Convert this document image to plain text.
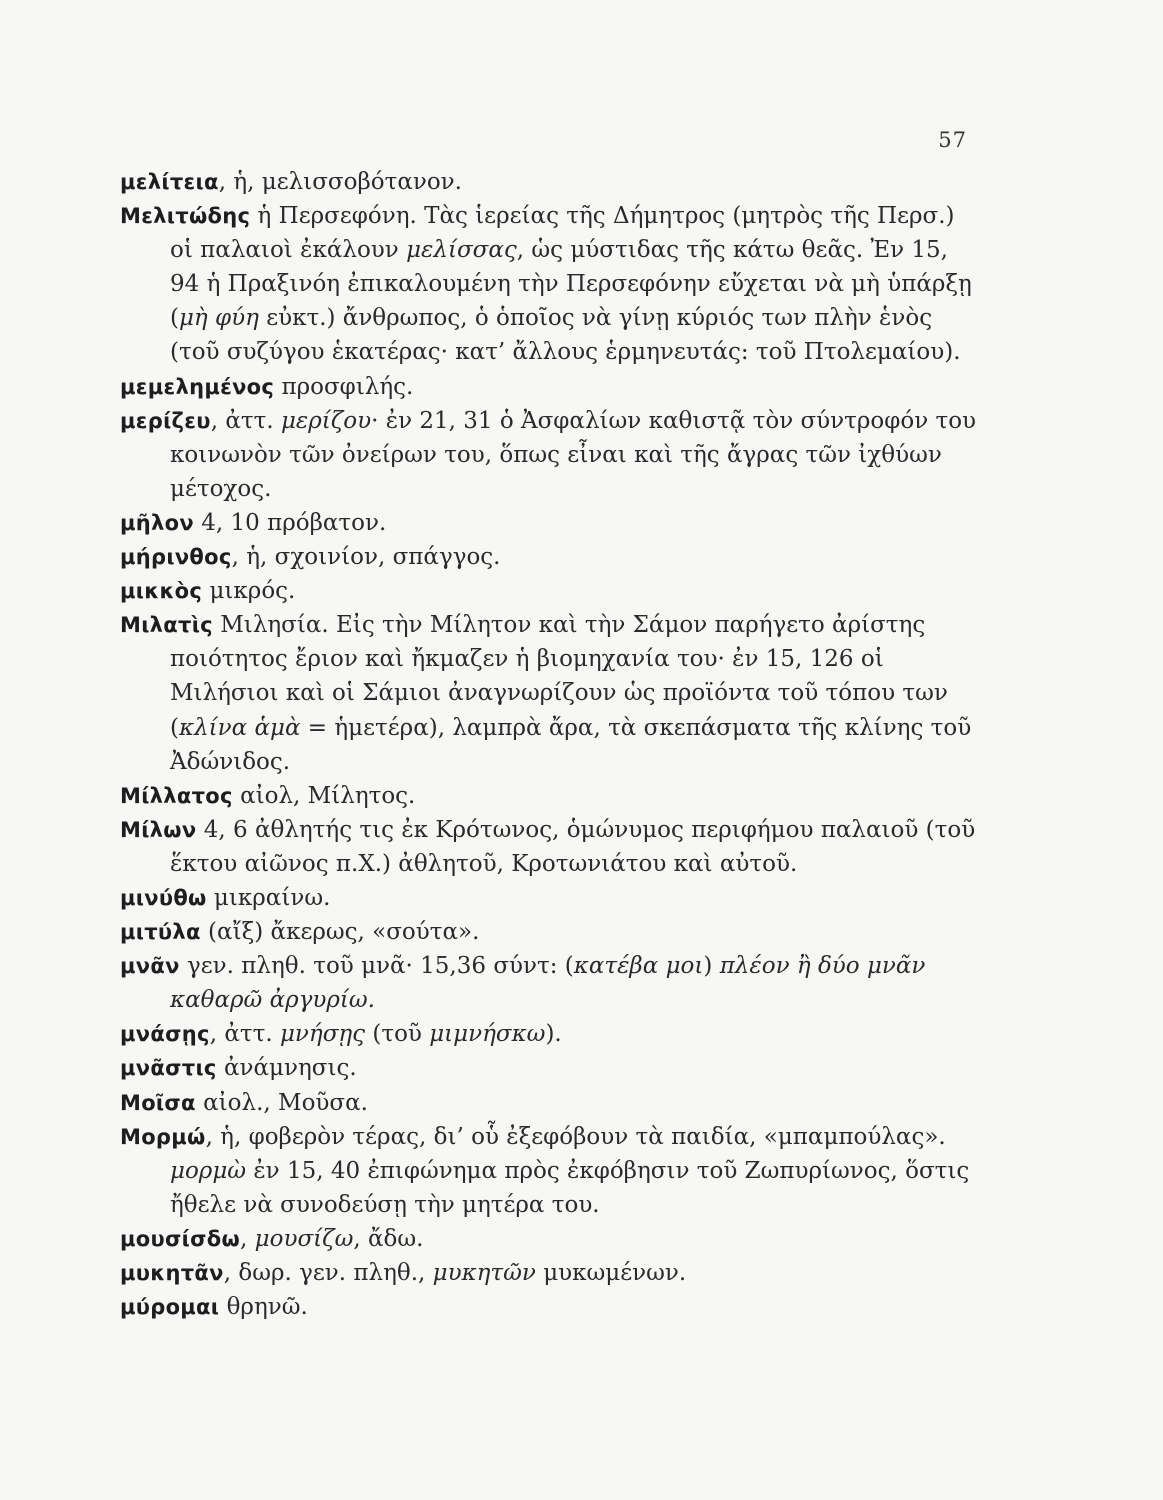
57
μελίτεια, ἡ, μελισσοβότανον.
Μελιτώδης ἡ Περσεφόνη. Τὰς ἱερείας τῆς Δήμητρος (μητρὸς τῆς Περσ.) οἱ παλαιοὶ ἐκάλουν μελίσσας, ὡς μύστιδας τῆς κάτω θεᾶς. Ἐν 15, 94 ἡ Πραξινόη ἐπικαλουμένη τὴν Περσεφόνην εὔχεται νὰ μὴ ὑπάρξῃ (μὴ φύη εὐκτ.) ἄνθρωπος, ὁ ὁποῖος νὰ γίνῃ κύριός των πλὴν ἑνὸς (τοῦ συζύγου ἑκατέρας· κατ’ ἄλλους ἑρμηνευτάς: τοῦ Πτολεμαίου).
μεμελημένος προσφιλής.
μερίζευ, ἀττ. μερίζου· ἐν 21, 31 ὁ Ἀσφαλίων καθιστᾷ τὸν σύντροφόν του κοινωνὸν τῶν ὀνείρων του, ὅπως εἶναι καὶ τῆς ἄγρας τῶν ἰχθύων μέτοχος.
μῆλον 4, 10 πρόβατον.
μήρινθος, ἡ, σχοινίον, σπάγγος.
μικκὸς μικρός.
Μιλατὶς Μιλησία. Εἰς τὴν Μίλητον καὶ τὴν Σάμον παρήγετο ἀρίστης ποιότητος ἔριον καὶ ἤκμαζεν ἡ βιομηχανία του· ἐν 15, 126 οἱ Μιλήσιοι καὶ οἱ Σάμιοι ἀναγνωρίζουν ὡς προϊόντα τοῦ τόπου των (κλίνα ἁμὰ = ἡμετέρα), λαμπρὰ ἄρα, τὰ σκεπάσματα τῆς κλίνης τοῦ Ἀδώνιδος.
Μίλλατος αἰολ, Μίλητος.
Μίλων 4, 6 ἀθλητής τις ἐκ Κρότωνος, ὁμώνυμος περιφήμου παλαιοῦ (τοῦ ἕκτου αἰῶνος π.Χ.) ἀθλητοῦ, Κροτωνιάτου καὶ αὐτοῦ.
μινύθω μικραίνω.
μιτύλα (αἴξ) ἄκερως, «σούτα».
μνᾶν γεν. πληθ. τοῦ μνᾶ· 15,36 σύντ: (κατέβα μοι) πλέον ἢ δύο μνᾶν καθαρῶ ἀργυρίω.
μνάσῃς, ἀττ. μνήσῃς (τοῦ μιμνήσκω).
μνᾶστις ἀνάμνησις.
Μοῖσα αἰολ., Μοῦσα.
Μορμώ, ἡ, φοβερὸν τέρας, δι’ οὗ ἐξεφόβουν τὰ παιδία, «μπαμπούλας». μορμὼ ἐν 15, 40 ἐπιφώνημα πρὸς ἐκφόβησιν τοῦ Ζωπυρίωνος, ὅστις ἤθελε νὰ συνοδεύσῃ τὴν μητέρα του.
μουσίσδω, μουσίζω, ἄδω.
μυκητᾶν, δωρ. γεν. πληθ., μυκητῶν μυκωμένων.
μύρομαι θρηνῶ.
